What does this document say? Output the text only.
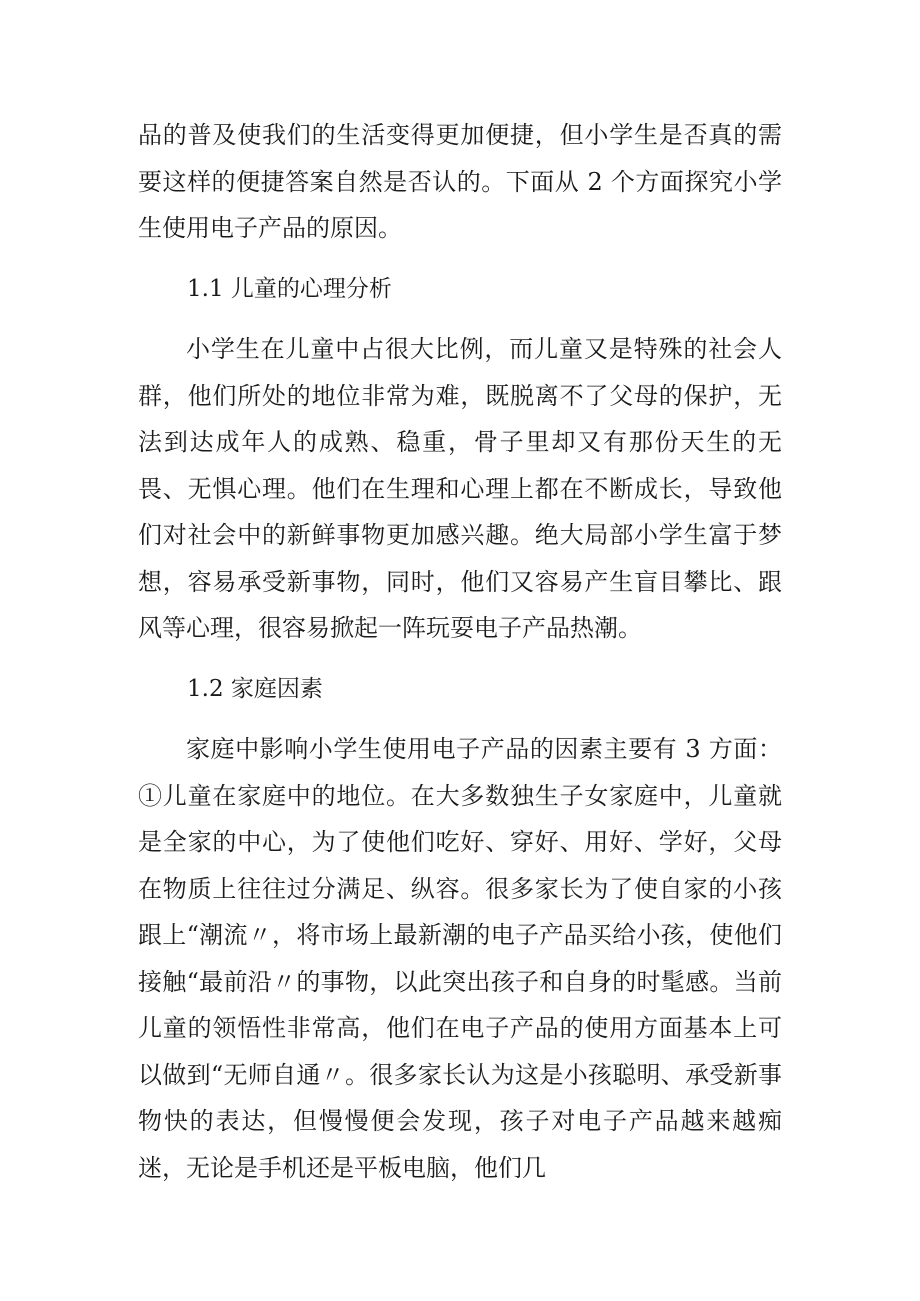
品的普及使我们的生活变得更加便捷，但小学生是否真的需要这样的便捷答案自然是否认的。下面从 2 个方面探究小学生使用电子产品的原因。

1.1 儿童的心理分析

小学生在儿童中占很大比例，而儿童又是特殊的社会人群，他们所处的地位非常为难，既脱离不了父母的保护，无法到达成年人的成熟、稳重，骨子里却又有那份天生的无畏、无惧心理。他们在生理和心理上都在不断成长，导致他们对社会中的新鲜事物更加感兴趣。绝大局部小学生富于梦想，容易承受新事物，同时，他们又容易产生盲目攀比、跟风等心理，很容易掀起一阵玩耍电子产品热潮。

1.2 家庭因素

家庭中影响小学生使用电子产品的因素主要有 3 方面：①儿童在家庭中的地位。在大多数独生子女家庭中，儿童就是全家的中心，为了使他们吃好、穿好、用好、学好，父母在物质上往往过分满足、纵容。很多家长为了使自家的小孩跟上“潮流〃，将市场上最新潮的电子产品买给小孩，使他们接触“最前沿〃的事物，以此突出孩子和自身的时髦感。当前儿童的领悟性非常高，他们在电子产品的使用方面基本上可以做到“无师自通〃。很多家长认为这是小孩聪明、承受新事物快的表达，但慢慢便会发现，孩子对电子产品越来越痴迷，无论是手机还是平板电脑，他们几
